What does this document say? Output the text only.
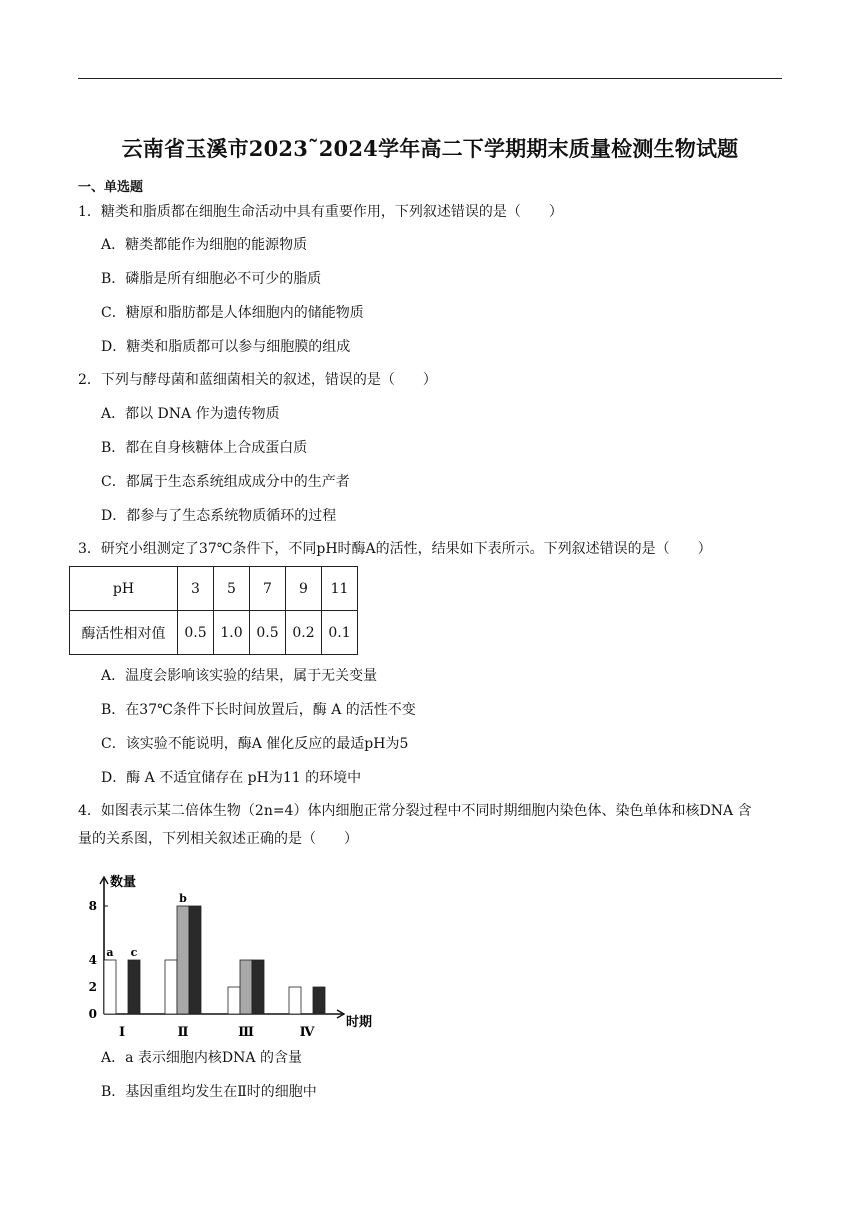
云南省玉溪市2023˜2024学年高二下学期期末质量检测生物试题
一、单选题
1．糖类和脂质都在细胞生命活动中具有重要作用，下列叙述错误的是（　　）
A．糖类都能作为细胞的能源物质
B．磷脂是所有细胞必不可少的脂质
C．糖原和脂肪都是人体细胞内的储能物质
D．糖类和脂质都可以参与细胞膜的组成
2．下列与酵母菌和蓝细菌相关的叙述，错误的是（　　）
A．都以 DNA 作为遗传物质
B．都在自身核糖体上合成蛋白质
C．都属于生态系统组成成分中的生产者
D．都参与了生态系统物质循环的过程
3．研究小组测定了37℃条件下，不同pH时酶A的活性，结果如下表所示。下列叙述错误的是（　　）
pH	3	5	7	9	11
酶活性相对值	0.5	1.0	0.5	0.2	0.1
A．温度会影响该实验的结果，属于无关变量
B．在37℃条件下长时间放置后，酶 A 的活性不变
C．该实验不能说明，酶A 催化反应的最适pH为5
D．酶 A 不适宜储存在 pH为11 的环境中
4．如图表示某二倍体生物（2n=4）体内细胞正常分裂过程中不同时期细胞内染色体、染色单体和核DNA 含
量的关系图，下列相关叙述正确的是（　　）
数量
时期
0
2
4
8
Ⅰ	Ⅱ	Ⅲ	Ⅳ
a
b
c
A．a 表示细胞内核DNA 的含量
B．基因重组均发生在Ⅱ时的细胞中
